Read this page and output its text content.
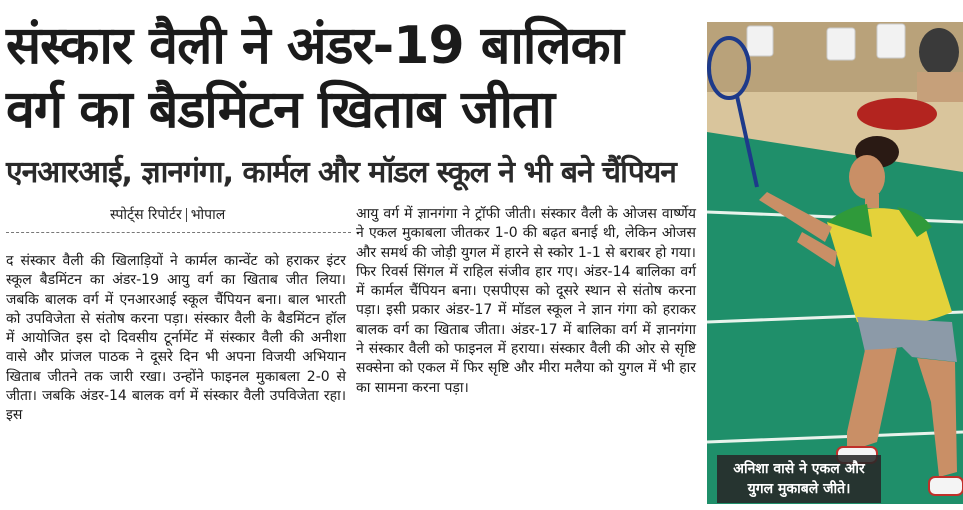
संस्कार वैली ने अंडर-19 बालिका
वर्ग का बैडमिंटन खिताब जीता
एनआरआई, ज्ञानगंगा, कार्मल और मॉडल स्कूल ने भी बने चैंपियन
स्पोर्ट्स रिपोर्टर भोपाल
द संस्कार वैली की खिलाड़ियों ने कार्मल कान्वेंट को हराकर इंटर स्कूल बैडमिंटन का अंडर-19 आयु वर्ग का खिताब जीत लिया। जबकि बालक वर्ग में एनआरआई स्कूल चैंपियन बना। बाल भारती को उपविजेता से संतोष करना पड़ा। संस्कार वैली के बैडमिंटन हॉल में आयोजित इस दो दिवसीय टूर्नामेंट में संस्कार वैली की अनीशा वासे और प्रांजल पाठक ने दूसरे दिन भी अपना विजयी अभियान खिताब जीतने तक जारी रखा। उन्होंने फाइनल मुकाबला 2-0 से जीता। जबकि अंडर-14 बालक वर्ग में संस्कार वैली उपविजेता रहा। इस
आयु वर्ग में ज्ञानगंगा ने ट्रॉफी जीती। संस्कार वैली के ओजस वार्ष्णेय ने एकल मुकाबला जीतकर 1-0 की बढ़त बनाई थी, लेकिन ओजस और समर्थ की जोड़ी युगल में हारने से स्कोर 1-1 से बराबर हो गया। फिर रिवर्स सिंगल में राहिल संजीव हार गए। अंडर-14 बालिका वर्ग में कार्मल चैंपियन बना। एसपीएस को दूसरे स्थान से संतोष करना पड़ा। इसी प्रकार अंडर-17 में मॉडल स्कूल ने ज्ञान गंगा को हराकर बालक वर्ग का खिताब जीता। अंडर-17 में बालिका वर्ग में ज्ञानगंगा ने संस्कार वैली को फाइनल में हराया। संस्कार वैली की ओर से सृष्टि सक्सेना को एकल में फिर सृष्टि और मीरा मलैया को युगल में भी हार का सामना करना पड़ा।
अनिशा वासे ने एकल और
युगल मुकाबले जीते।
